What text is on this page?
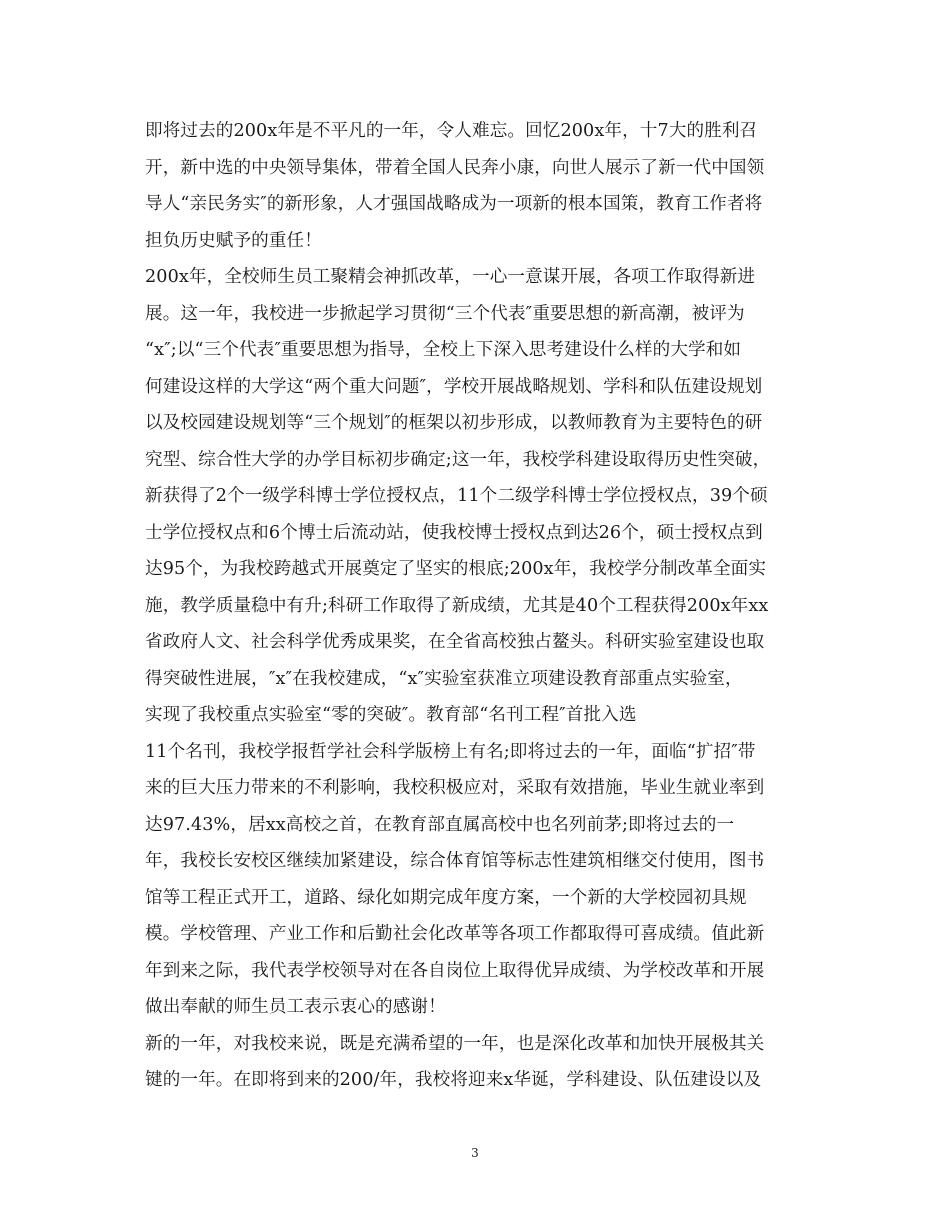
即将过去的200x年是不平凡的一年，令人难忘。回忆200x年，十7大的胜利召
开，新中选的中央领导集体，带着全国人民奔小康，向世人展示了新一代中国领
导人“亲民务实″的新形象，人才强国战略成为一项新的根本国策，教育工作者将
担负历史赋予的重任！
200x年，全校师生员工聚精会神抓改革，一心一意谋开展，各项工作取得新进
展。这一年，我校进一步掀起学习贯彻“三个代表″重要思想的新高潮，被评为
“x″;以“三个代表″重要思想为指导，全校上下深入思考建设什么样的大学和如
何建设这样的大学这“两个重大问题″，学校开展战略规划、学科和队伍建设规划
以及校园建设规划等“三个规划″的框架以初步形成，以教师教育为主要特色的研
究型、综合性大学的办学目标初步确定;这一年，我校学科建设取得历史性突破，
新获得了2个一级学科博士学位授权点，11个二级学科博士学位授权点，39个硕
士学位授权点和6个博士后流动站，使我校博士授权点到达26个，硕士授权点到
达95个，为我校跨越式开展奠定了坚实的根底;200x年，我校学分制改革全面实
施，教学质量稳中有升;科研工作取得了新成绩，尤其是40个工程获得200x年xx
省政府人文、社会科学优秀成果奖，在全省高校独占鳌头。科研实验室建设也取
得突破性进展，″x″在我校建成，“x″实验室获准立项建设教育部重点实验室，
实现了我校重点实验室“零的突破″。教育部“名刊工程″首批入选
11个名刊，我校学报哲学社会科学版榜上有名;即将过去的一年，面临“扩招″带
来的巨大压力带来的不利影响，我校积极应对，采取有效措施，毕业生就业率到
达97.43%，居xx高校之首，在教育部直属高校中也名列前茅;即将过去的一
年，我校长安校区继续加紧建设，综合体育馆等标志性建筑相继交付使用，图书
馆等工程正式开工，道路、绿化如期完成年度方案，一个新的大学校园初具规
模。学校管理、产业工作和后勤社会化改革等各项工作都取得可喜成绩。值此新
年到来之际，我代表学校领导对在各自岗位上取得优异成绩、为学校改革和开展
做出奉献的师生员工表示衷心的感谢！
新的一年，对我校来说，既是充满希望的一年，也是深化改革和加快开展极其关
键的一年。在即将到来的200/年，我校将迎来x华诞，学科建设、队伍建设以及
3
